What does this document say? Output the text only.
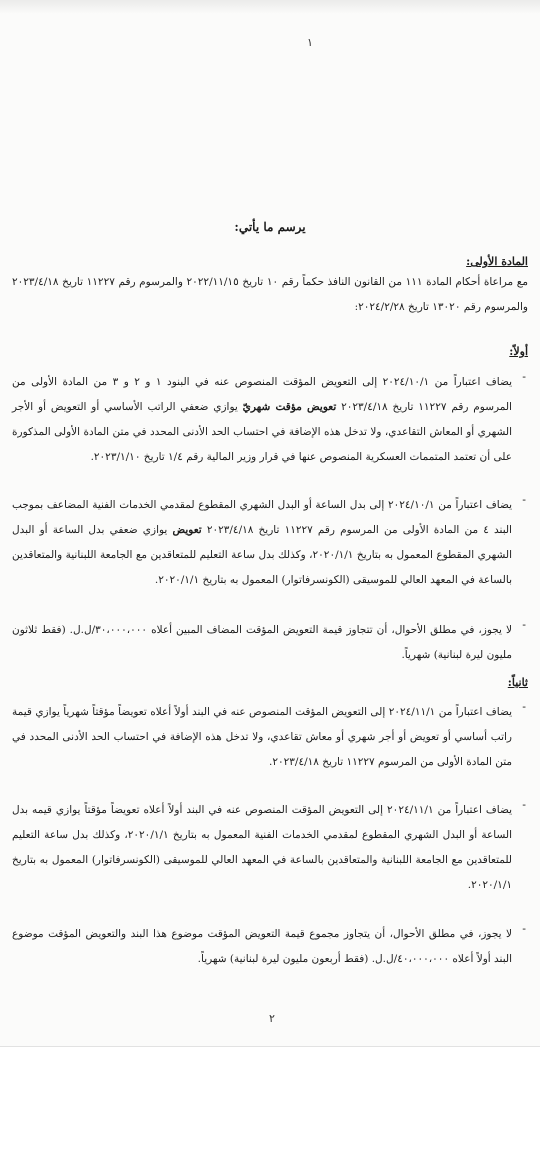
١
يرسم ما يأتي:
المادة الأولى:
مع مراعاة أحكام المادة ١١١ من القانون النافذ حكماً رقم ١٠ تاريخ ٢٠٢٢/١١/١٥ والمرسوم رقم ١١٢٢٧ تاريخ ٢٠٢٣/٤/١٨ والمرسوم رقم ١٣٠٢٠ تاريخ ٢٠٢٤/٢/٢٨:
أولاً:
-
يضاف اعتباراً من ٢٠٢٤/١٠/١ إلى التعويض المؤقت المنصوص عنه في البنود ١ و ٢ و ٣ من المادة الأولى من المرسوم رقم ١١٢٢٧ تاريخ ٢٠٢٣/٤/١٨ تعويض مؤقت شهريّ يوازي ضعفي الراتب الأساسي أو التعويض أو الأجر الشهري أو المعاش التقاعدي، ولا تدخل هذه الإضافة في احتساب الحد الأدنى المحدد في متن المادة الأولى المذكورة على أن تعتمد المتممات العسكرية المنصوص عنها في قرار وزير المالية رقم ١/٤ تاريخ ٢٠٢٣/١/١٠.
-
يضاف اعتباراً من ٢٠٢٤/١٠/١ إلى بدل الساعة أو البدل الشهري المقطوع لمقدمي الخدمات الفنية المضاعف بموجب البند ٤ من المادة الأولى من المرسوم رقم ١١٢٢٧ تاريخ ٢٠٢٣/٤/١٨ تعويض يوازي ضعفي بدل الساعة أو البدل الشهري المقطوع المعمول به بتاريخ ٢٠٢٠/١/١، وكذلك بدل ساعة التعليم للمتعاقدين مع الجامعة اللبنانية والمتعاقدين بالساعة في المعهد العالي للموسيقى (الكونسرفاتوار) المعمول به بتاريخ ٢٠٢٠/١/١.
-
لا يجوز، في مطلق الأحوال، أن تتجاوز قيمة التعويض المؤقت المضاف المبين أعلاه ٣٠،٠٠٠،٠٠٠/ل.ل. (فقط ثلاثون مليون ليرة لبنانية) شهرياً.
ثانياً:
-
يضاف اعتباراً من ٢٠٢٤/١١/١ إلى التعويض المؤقت المنصوص عنه في البند أولاً أعلاه تعويضاً مؤقتاً شهرياً يوازي قيمة راتب أساسي أو تعويض أو أجر شهري أو معاش تقاعدي، ولا تدخل هذه الإضافة في احتساب الحد الأدنى المحدد في متن المادة الأولى من المرسوم ١١٢٢٧ تاريخ ٢٠٢٣/٤/١٨.
-
يضاف اعتباراً من ٢٠٢٤/١١/١ إلى التعويض المؤقت المنصوص عنه في البند أولاً أعلاه تعويضاً مؤقتاً يوازي قيمه بدل الساعة أو البدل الشهري المقطوع لمقدمي الخدمات الفنية المعمول به بتاريخ ٢٠٢٠/١/١، وكذلك بدل ساعة التعليم للمتعاقدين مع الجامعة اللبنانية والمتعاقدين بالساعة في المعهد العالي للموسيقى (الكونسرفاتوار) المعمول به بتاريخ ٢٠٢٠/١/١.
-
لا يجوز، في مطلق الأحوال، أن يتجاوز مجموع قيمة التعويض المؤقت موضوع هذا البند والتعويض المؤقت موضوع البند أولاً أعلاه ٤٠،٠٠٠،٠٠٠/ل.ل. (فقط أربعون مليون ليرة لبنانية) شهرياً.
٢
